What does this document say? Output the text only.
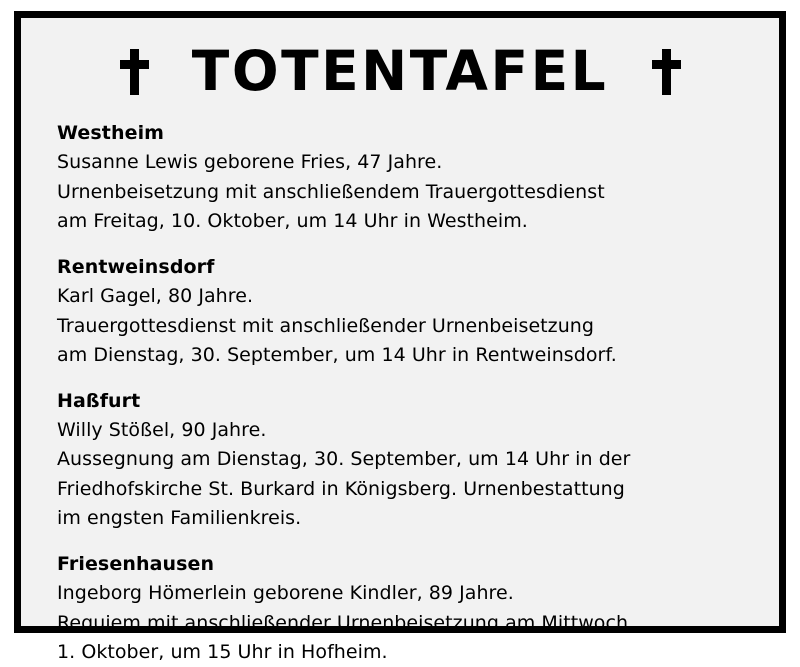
TOTENTAFEL
Westheim
Susanne Lewis geborene Fries, 47 Jahre.
Urnenbeisetzung mit anschließendem Trauergottesdienst
am Freitag, 10. Oktober, um 14 Uhr in Westheim.
Rentweinsdorf
Karl Gagel, 80 Jahre.
Trauergottesdienst mit anschließender Urnenbeisetzung
am Dienstag, 30. September, um 14 Uhr in Rentweinsdorf.
Haßfurt
Willy Stößel, 90 Jahre.
Aussegnung am Dienstag, 30. September, um 14 Uhr in der
Friedhofskirche St. Burkard in Königsberg. Urnenbestattung
im engsten Familienkreis.
Friesenhausen
Ingeborg Hömerlein geborene Kindler, 89 Jahre.
Requiem mit anschließender Urnenbeisetzung am Mittwoch,
1. Oktober, um 15 Uhr in Hofheim.
